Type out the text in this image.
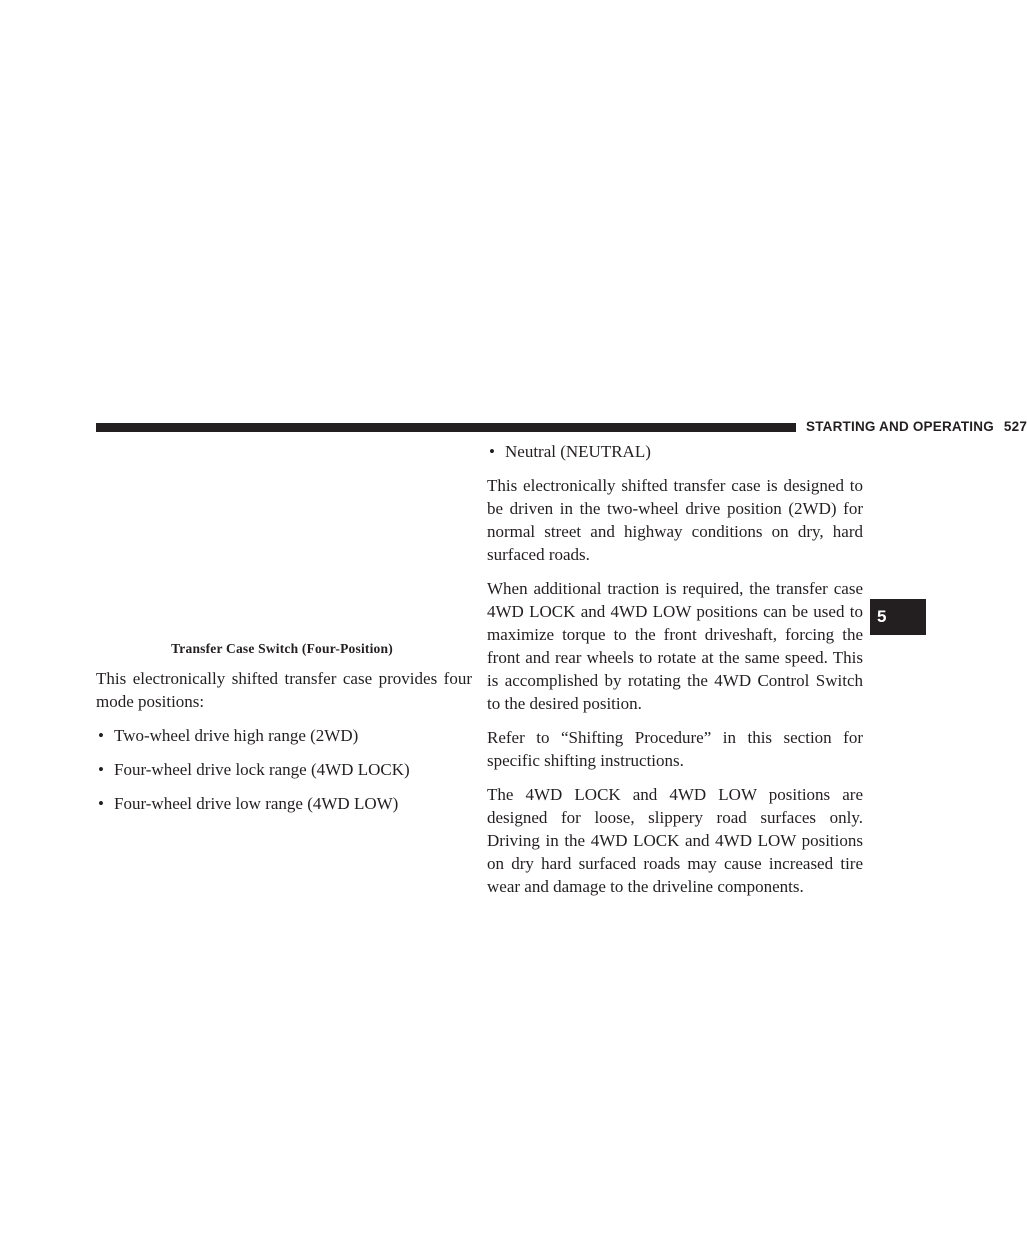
STARTING AND OPERATING 527
5
Transfer Case Switch (Four-Position)

This electronically shifted transfer case provides four mode positions:

• Two-wheel drive high range (2WD)
• Four-wheel drive lock range (4WD LOCK)
• Four-wheel drive low range (4WD LOW)
• Neutral (NEUTRAL)

This electronically shifted transfer case is designed to be driven in the two-wheel drive position (2WD) for normal street and highway conditions on dry, hard surfaced roads.

When additional traction is required, the transfer case 4WD LOCK and 4WD LOW positions can be used to maximize torque to the front driveshaft, forcing the front and rear wheels to rotate at the same speed. This is accomplished by rotating the 4WD Control Switch to the desired position.

Refer to “Shifting Procedure” in this section for specific shifting instructions.

The 4WD LOCK and 4WD LOW positions are designed for loose, slippery road surfaces only. Driving in the 4WD LOCK and 4WD LOW positions on dry hard surfaced roads may cause increased tire wear and damage to the driveline components.
